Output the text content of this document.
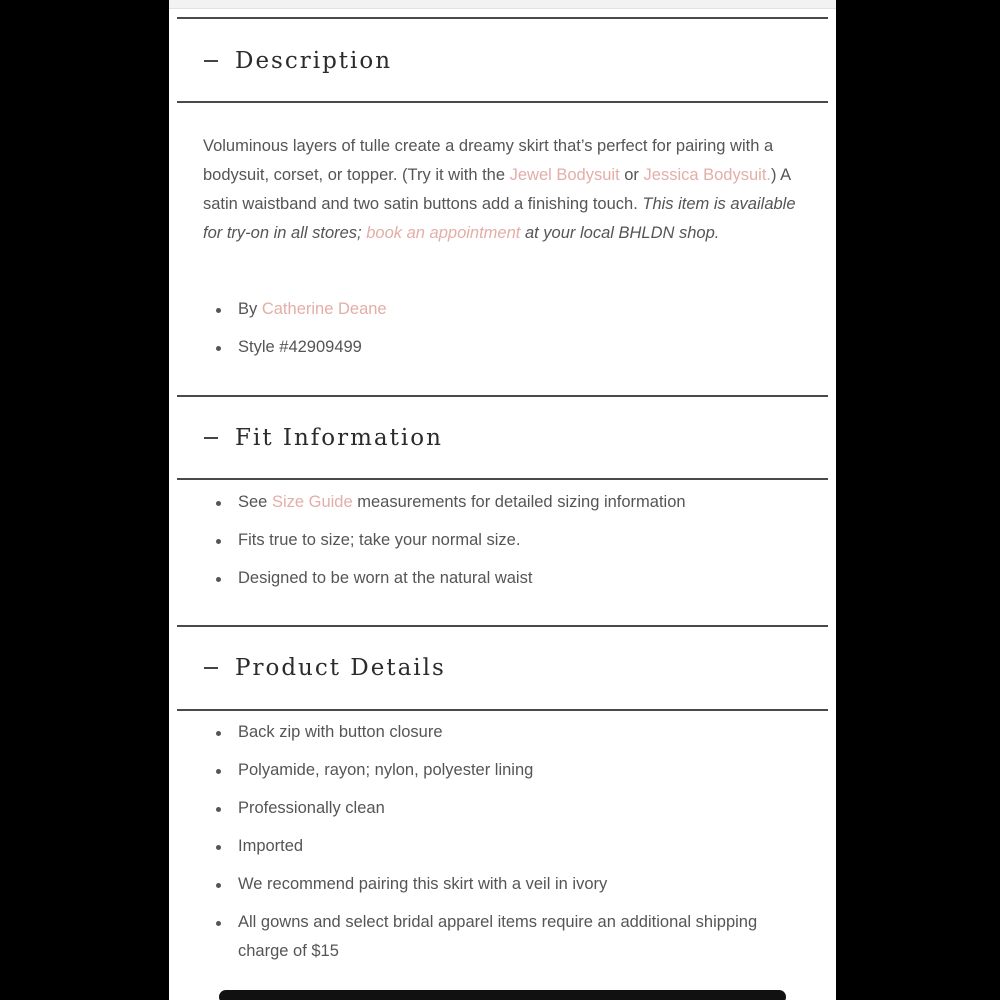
Description
Voluminous layers of tulle create a dreamy skirt that’s perfect for pairing with a bodysuit, corset, or topper. (Try it with the Jewel Bodysuit or Jessica Bodysuit.) A satin waistband and two satin buttons add a finishing touch. This item is available for try-on in all stores; book an appointment at your local BHLDN shop.
By Catherine Deane
Style #42909499
Fit Information
See Size Guide measurements for detailed sizing information
Fits true to size; take your normal size.
Designed to be worn at the natural waist
Product Details
Back zip with button closure
Polyamide, rayon; nylon, polyester lining
Professionally clean
Imported
We recommend pairing this skirt with a veil in ivory
All gowns and select bridal apparel items require an additional shipping charge of $15
